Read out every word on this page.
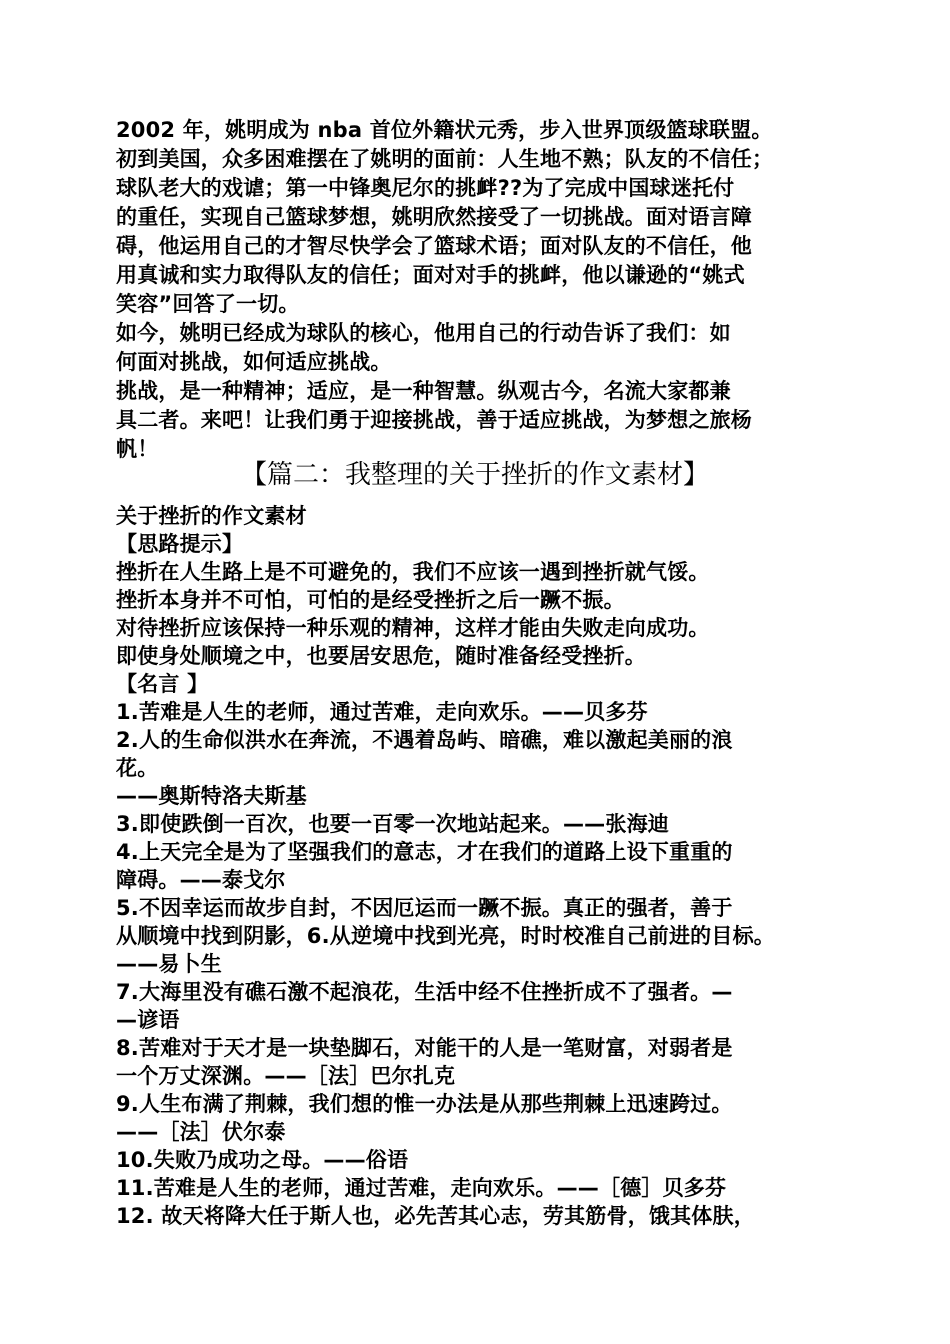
2002 年，姚明成为 nba 首位外籍状元秀，步入世界顶级篮球联盟。
初到美国，众多困难摆在了姚明的面前：人生地不熟；队友的不信任；
球队老大的戏谑；第一中锋奥尼尔的挑衅??为了完成中国球迷托付
的重任，实现自己篮球梦想，姚明欣然接受了一切挑战。面对语言障
碍，他运用自己的才智尽快学会了篮球术语；面对队友的不信任，他
用真诚和实力取得队友的信任；面对对手的挑衅，他以谦逊的“姚式
笑容”回答了一切。
如今，姚明已经成为球队的核心，他用自己的行动告诉了我们：如
何面对挑战，如何适应挑战。
挑战，是一种精神；适应，是一种智慧。纵观古今，名流大家都兼
具二者。来吧！让我们勇于迎接挑战，善于适应挑战，为梦想之旅杨
帆！
【篇二：我整理的关于挫折的作文素材】
关于挫折的作文素材
【思路提示】
挫折在人生路上是不可避免的，我们不应该一遇到挫折就气馁。
挫折本身并不可怕，可怕的是经受挫折之后一蹶不振。
对待挫折应该保持一种乐观的精神，这样才能由失败走向成功。
即使身处顺境之中，也要居安思危，随时准备经受挫折。
【名言 】
1.苦难是人生的老师，通过苦难，走向欢乐。——贝多芬
2.人的生命似洪水在奔流，不遇着岛屿、暗礁，难以激起美丽的浪
花。
——奥斯特洛夫斯基
3.即使跌倒一百次，也要一百零一次地站起来。——张海迪
4.上天完全是为了坚强我们的意志，才在我们的道路上设下重重的
障碍。——泰戈尔
5.不因幸运而故步自封，不因厄运而一蹶不振。真正的强者，善于
从顺境中找到阴影，6.从逆境中找到光亮，时时校准自己前进的目标。
——易卜生
7.大海里没有礁石激不起浪花，生活中经不住挫折成不了强者。—
—谚语
8.苦难对于天才是一块垫脚石，对能干的人是一笔财富，对弱者是
一个万丈深渊。——［法］巴尔扎克
9.人生布满了荆棘，我们想的惟一办法是从那些荆棘上迅速跨过。
——［法］伏尔泰
10.失败乃成功之母。——俗语
11.苦难是人生的老师，通过苦难，走向欢乐。——［德］贝多芬
12. 故天将降大任于斯人也，必先苦其心志，劳其筋骨，饿其体肤，
